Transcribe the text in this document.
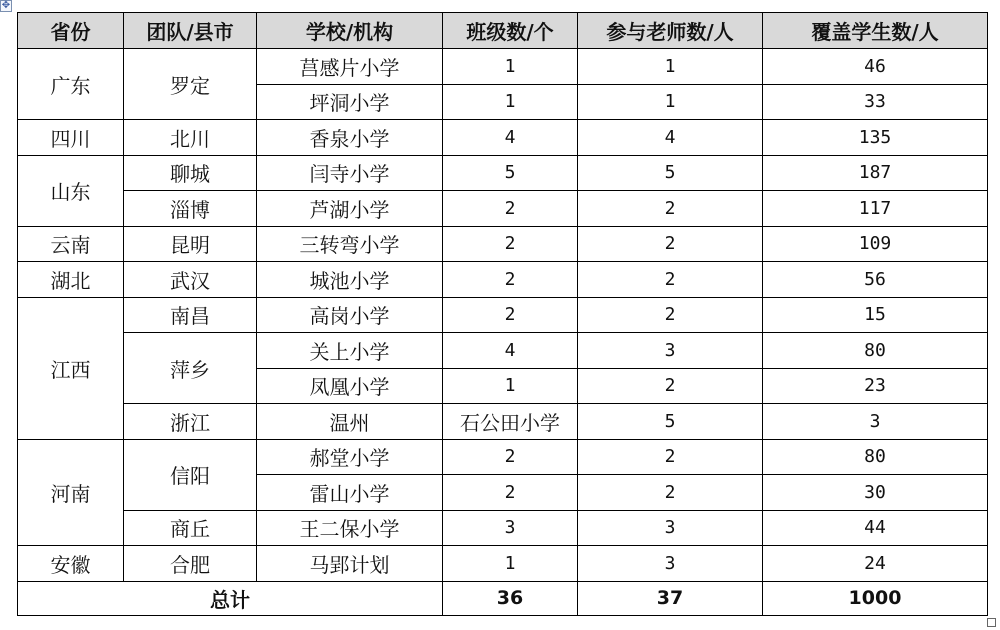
✥
省份	团队/县市	学校/机构	班级数/个	参与老师数/人	覆盖学生数/人	
广东	罗定	莒感片小学	1	1	46	
		坪洞小学	1	1	33	
四川	北川	香泉小学	4	4	135	
山东	聊城	闫寺小学	5	5	187	
	淄博	芦湖小学	2	2	117	
云南	昆明	三转弯小学	2	2	109	
湖北	武汉	城池小学	2	2	56	
江西	南昌	高岗小学	2	2	15	
	萍乡	关上小学	4	3	80	
		凤凰小学	1	2	23	
	浙江	温州	石公田小学	5	3	
河南	信阳	郝堂小学	2	2	80	
		雷山小学	2	2	30	
	商丘	王二保小学	3	3	44	
安徽	合肥	马郢计划	1	3	24	
总计			36	37	1000	
